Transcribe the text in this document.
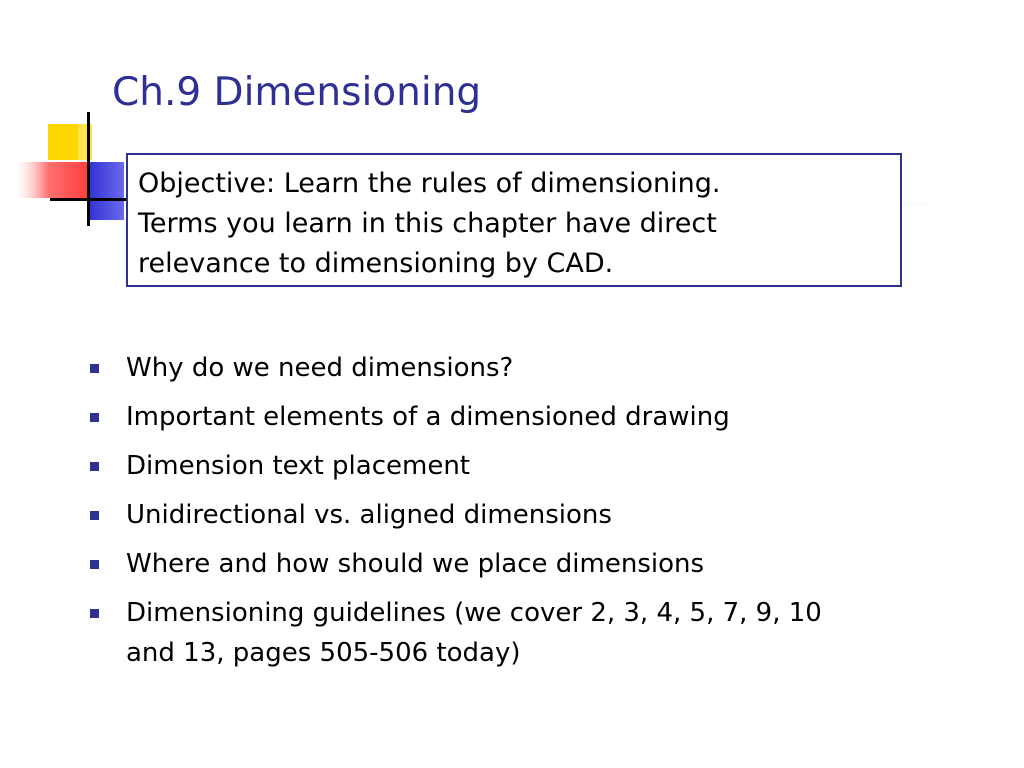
Ch.9 Dimensioning
Objective: Learn the rules of dimensioning.
Terms you learn in this chapter have direct
relevance to dimensioning by CAD.
Why do we need dimensions?
Important elements of a dimensioned drawing
Dimension text placement
Unidirectional vs. aligned dimensions
Where and how should we place dimensions
Dimensioning guidelines (we cover 2, 3, 4, 5, 7, 9, 10
and 13, pages 505-506 today)
